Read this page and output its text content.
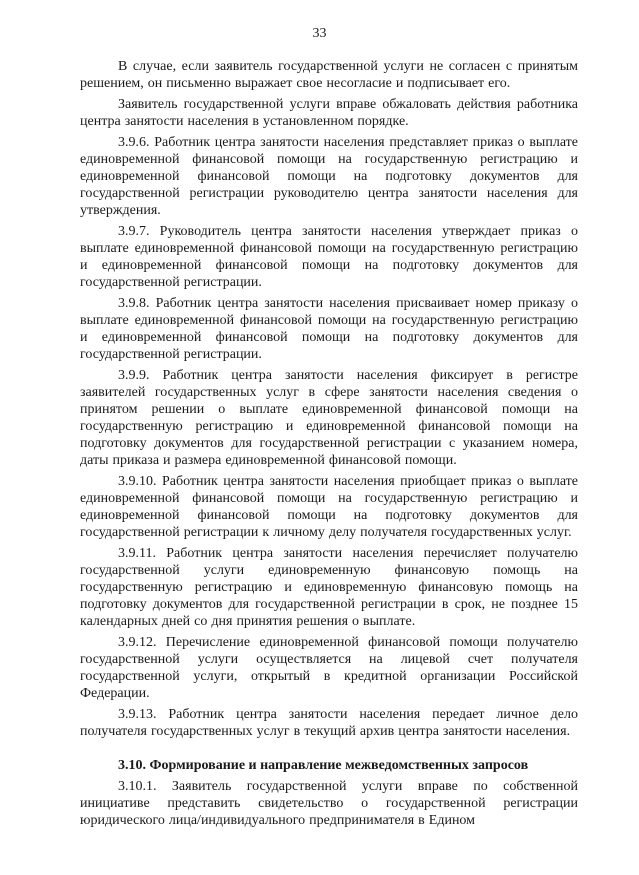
33

В случае, если заявитель государственной услуги не согласен с принятым решением, он письменно выражает свое несогласие и подписывает его.

Заявитель государственной услуги вправе обжаловать действия работника центра занятости населения в установленном порядке.

3.9.6. Работник центра занятости населения представляет приказ о выплате единовременной финансовой помощи на государственную регистрацию и единовременной финансовой помощи на подготовку документов для государственной регистрации руководителю центра занятости населения для утверждения.

3.9.7. Руководитель центра занятости населения утверждает приказ о выплате единовременной финансовой помощи на государственную регистрацию и единовременной финансовой помощи на подготовку документов для государственной регистрации.

3.9.8. Работник центра занятости населения присваивает номер приказу о выплате единовременной финансовой помощи на государственную регистрацию и единовременной финансовой помощи на подготовку документов для государственной регистрации.

3.9.9. Работник центра занятости населения фиксирует в регистре заявителей государственных услуг в сфере занятости населения сведения о принятом решении о выплате единовременной финансовой помощи на государственную регистрацию и единовременной финансовой помощи на подготовку документов для государственной регистрации с указанием номера, даты приказа и размера единовременной финансовой помощи.

3.9.10. Работник центра занятости населения приобщает приказ о выплате единовременной финансовой помощи на государственную регистрацию и единовременной финансовой помощи на подготовку документов для государственной регистрации к личному делу получателя государственных услуг.

3.9.11. Работник центра занятости населения перечисляет получателю государственной услуги единовременную финансовую помощь на государственную регистрацию и единовременную финансовую помощь на подготовку документов для государственной регистрации в срок, не позднее 15 календарных дней со дня принятия решения о выплате.

3.9.12. Перечисление единовременной финансовой помощи получателю государственной услуги осуществляется на лицевой счет получателя государственной услуги, открытый в кредитной организации Российской Федерации.

3.9.13. Работник центра занятости населения передает личное дело получателя государственных услуг в текущий архив центра занятости населения.

3.10. Формирование и направление межведомственных запросов

3.10.1. Заявитель государственной услуги вправе по собственной инициативе представить свидетельство о государственной регистрации юридического лица/индивидуального предпринимателя в Едином
